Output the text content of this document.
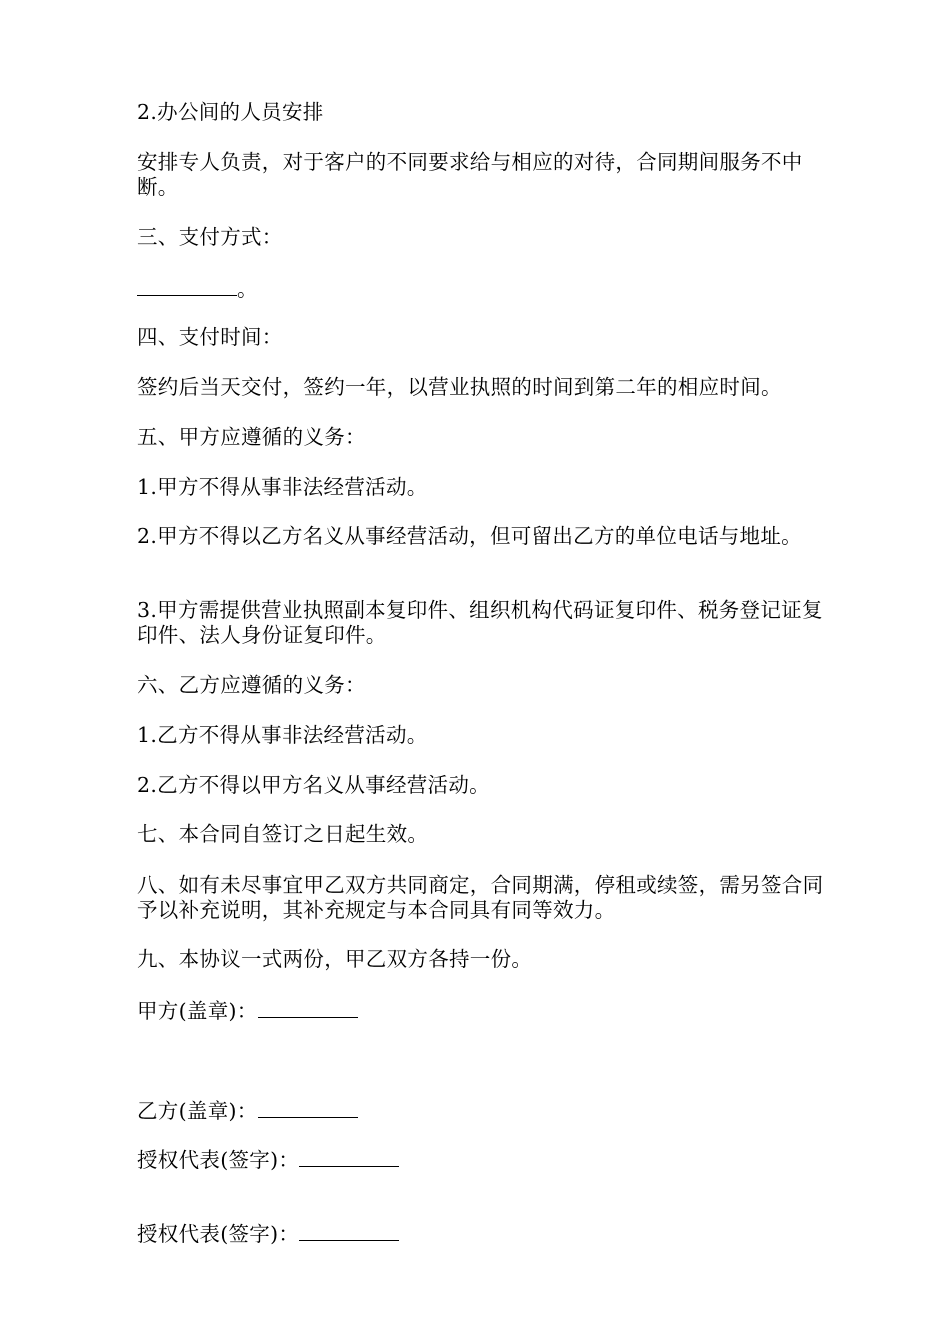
2.办公间的人员安排
安排专人负责，对于客户的不同要求给与相应的对待，合同期间服务不中断。
三、支付方式：
。
四、支付时间：
签约后当天交付，签约一年，以营业执照的时间到第二年的相应时间。
五、甲方应遵循的义务：
1.甲方不得从事非法经营活动。
2.甲方不得以乙方名义从事经营活动，但可留出乙方的单位电话与地址。
3.甲方需提供营业执照副本复印件、组织机构代码证复印件、税务登记证复印件、法人身份证复印件。
六、乙方应遵循的义务：
1.乙方不得从事非法经营活动。
2.乙方不得以甲方名义从事经营活动。
七、本合同自签订之日起生效。
八、如有未尽事宜甲乙双方共同商定，合同期满，停租或续签，需另签合同予以补充说明，其补充规定与本合同具有同等效力。
九、本协议一式两份，甲乙双方各持一份。
甲方(盖章)：
乙方(盖章)：
授权代表(签字)：
授权代表(签字)：
